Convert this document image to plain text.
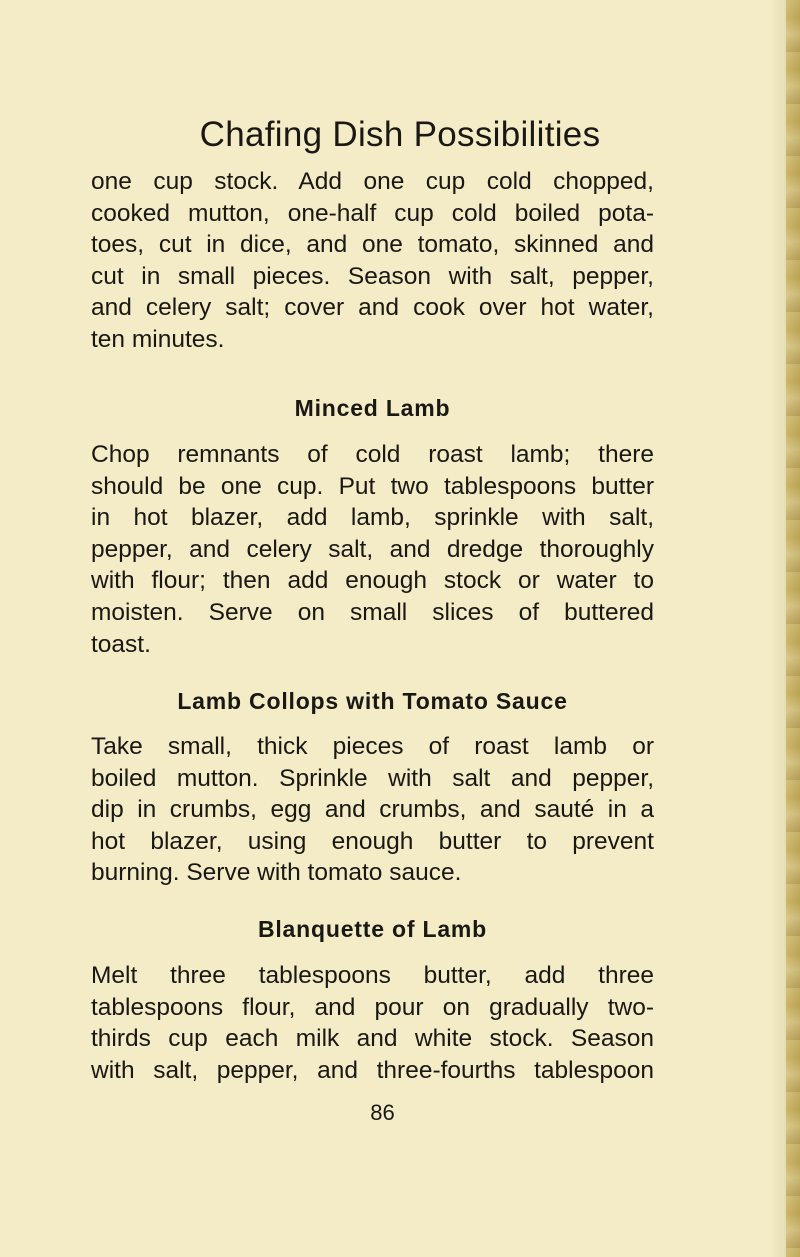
Chafing Dish Possibilities
one cup stock. Add one cup cold chopped,
cooked mutton, one-half cup cold boiled pota-
toes, cut in dice, and one tomato, skinned and
cut in small pieces. Season with salt, pepper,
and celery salt; cover and cook over hot water,
ten minutes.
Minced Lamb
Chop remnants of cold roast lamb; there
should be one cup. Put two tablespoons butter
in hot blazer, add lamb, sprinkle with salt,
pepper, and celery salt, and dredge thoroughly
with flour; then add enough stock or water to
moisten. Serve on small slices of buttered
toast.
Lamb Collops with Tomato Sauce
Take small, thick pieces of roast lamb or
boiled mutton. Sprinkle with salt and pepper,
dip in crumbs, egg and crumbs, and sauté in a
hot blazer, using enough butter to prevent
burning. Serve with tomato sauce.
Blanquette of Lamb
Melt three tablespoons butter, add three
tablespoons flour, and pour on gradually two-
thirds cup each milk and white stock. Season
with salt, pepper, and three-fourths tablespoon
86
